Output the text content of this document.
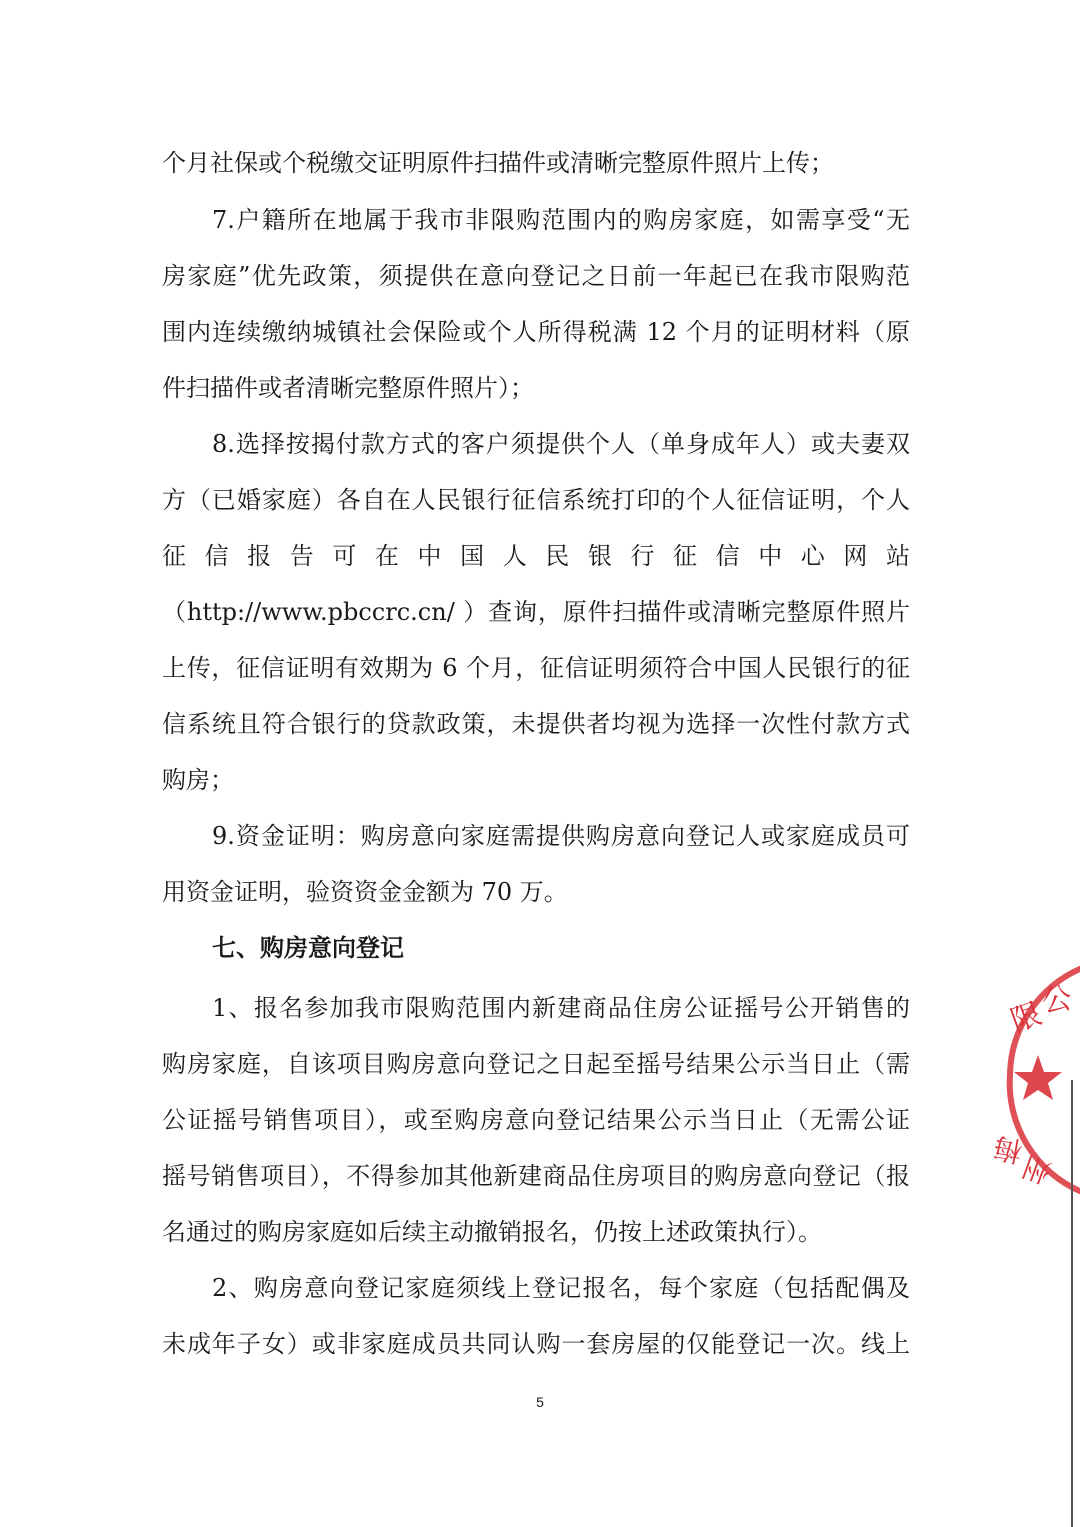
个月社保或个税缴交证明原件扫描件或清晰完整原件照片上传；
7.户籍所在地属于我市非限购范围内的购房家庭，如需享受“无
房家庭”优先政策，须提供在意向登记之日前一年起已在我市限购范
围内连续缴纳城镇社会保险或个人所得税满 12 个月的证明材料（原
件扫描件或者清晰完整原件照片）；
8.选择按揭付款方式的客户须提供个人（单身成年人）或夫妻双
方（已婚家庭）各自在人民银行征信系统打印的个人征信证明，个人
征 信 报 告 可 在 中 国 人 民 银 行 征 信 中 心 网 站
（http://www.pbccrc.cn/ ）查询，原件扫描件或清晰完整原件照片
上传，征信证明有效期为 6 个月，征信证明须符合中国人民银行的征
信系统且符合银行的贷款政策，未提供者均视为选择一次性付款方式
购房；
9.资金证明：购房意向家庭需提供购房意向登记人或家庭成员可
用资金证明，验资资金金额为 70 万。
七、购房意向登记
1、报名参加我市限购范围内新建商品住房公证摇号公开销售的
购房家庭，自该项目购房意向登记之日起至摇号结果公示当日止（需
公证摇号销售项目），或至购房意向登记结果公示当日止（无需公证
摇号销售项目），不得参加其他新建商品住房项目的购房意向登记（报
名通过的购房家庭如后续主动撤销报名，仍按上述政策执行）。
2、购房意向登记家庭须线上登记报名，每个家庭（包括配偶及
未成年子女）或非家庭成员共同认购一套房屋的仅能登记一次。线上
5
限
公
州
梅
